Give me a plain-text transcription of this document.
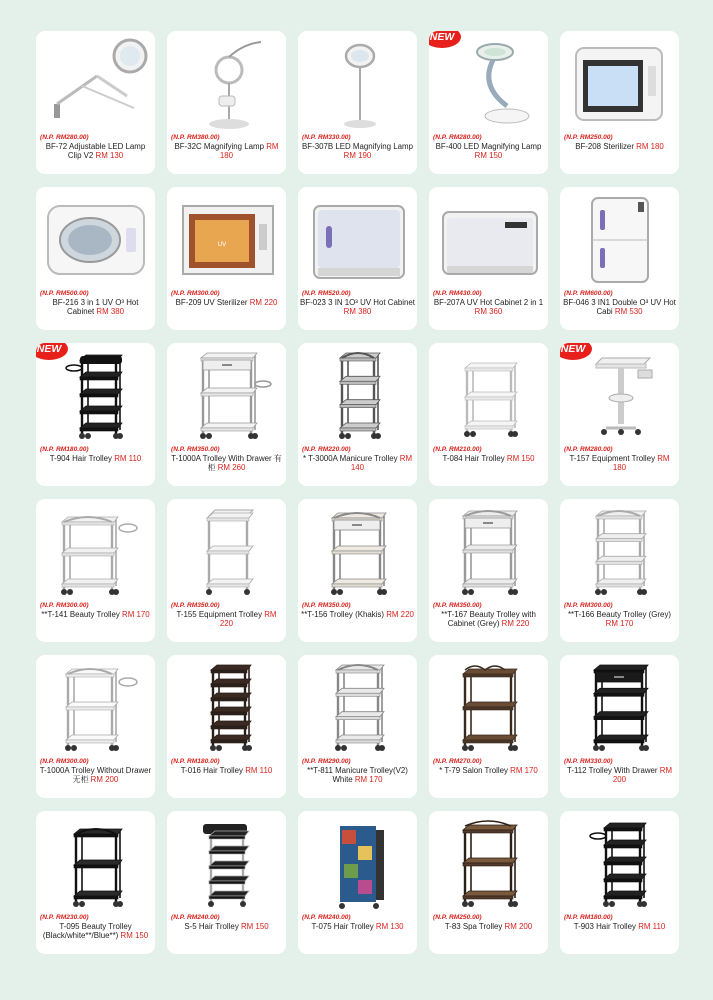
(N.P. RM280.00)
BF-72 Adjustable LED Lamp Clip V2 RM 130
(N.P. RM380.00)
BF-32C Magnifying Lamp RM 180
(N.P. RM330.00)
BF-307B LED Magnifying Lamp RM 190
NEW
(N.P. RM280.00)
BF-400 LED Magnifying Lamp RM 150
(N.P. RM250.00)
BF-208 Sterilizer RM 180
(N.P. RM500.00)
BF-216 3 in 1 UV O³ Hot Cabinet RM 380
UV
(N.P. RM300.00)
BF-209 UV Sterilizer RM 220
(N.P. RM520.00)
BF-023 3 IN 1O³ UV Hot Cabinet RM 380
(N.P. RM430.00)
BF-207A UV Hot Cabinet 2 in 1 RM 360
(N.P. RM600.00)
BF-046 3 IN1 Double O³ UV Hot Cabi RM 530
NEW
(N.P. RM180.00)
T-904 Hair Trolley RM 110
(N.P. RM350.00)
T-1000A Trolley With Drawer 有柜 RM 260
(N.P. RM220.00)
* T-3000A Manicure Trolley RM 140
(N.P. RM210.00)
T-084 Hair Trolley RM 150
NEW
(N.P. RM280.00)
T-157 Equipment Trolley RM 180
(N.P. RM300.00)
**T-141 Beauty Trolley RM 170
(N.P. RM350.00)
T-155 Equipment Trolley RM 220
(N.P. RM350.00)
**T-156 Trolley (Khakis) RM 220
(N.P. RM350.00)
**T-167 Beauty Trolley with Cabinet (Grey) RM 220
(N.P. RM300.00)
**T-166 Beauty Trolley (Grey) RM 170
(N.P. RM300.00)
T-1000A Trolley Without Drawer 无柜 RM 200
(N.P. RM180.00)
T-016 Hair Trolley RM 110
(N.P. RM290.00)
**T-811 Manicure Trolley(V2) White RM 170
(N.P. RM270.00)
* T-79 Salon Trolley RM 170
(N.P. RM330.00)
T-112 Trolley With Drawer RM 200
(N.P. RM230.00)
T-095 Beauty Trolley (Black/white**/Blue**) RM 150
(N.P. RM240.00)
S-5 Hair Trolley RM 150
(N.P. RM240.00)
T-075 Hair Trolley RM 130
(N.P. RM250.00)
T-83 Spa Trolley RM 200
(N.P. RM180.00)
T-903 Hair Trolley RM 110
